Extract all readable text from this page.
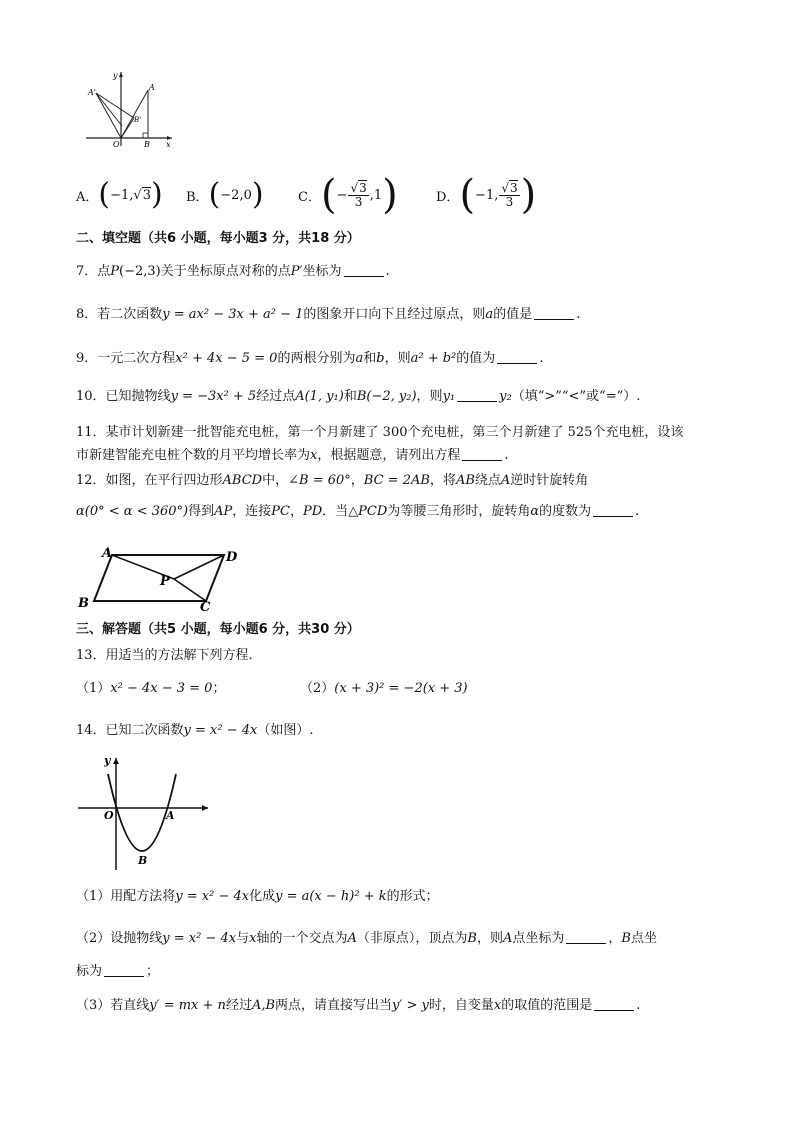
y
x
A'
A
B'
O	B
A． ( −1, √ 3 ) B． ( −2,0 )	C． ( − $\frac{√3}{3} ,1$ )	D． ( −1, $\frac{√3}{3}$ )
二、填空题（共6 小题，每小题3 分，共18 分）
7．点P(−2,3)关于坐标原点对称的点P′坐标为	.
8．若二次函数y = ax² − 3x + a² − 1的图象开口向下且经过原点，则a的值是	.
9．一元二次方程x² + 4x − 5 = 0的两根分别为a和b，则a² + b²的值为	.
10．已知抛物线y = −3x² + 5经过点A(1, y₁)和B(−2, y₂)，则y₁	y₂（填“>”“<”或“=”）.
11．某市计划新建一批智能充电桩，第一个月新建了 300个充电桩，第三个月新建了 525个充电桩，设该
市新建智能充电桩个数的月平均增长率为x，根据题意，请列出方程	.
12．如图，在平行四边形ABCD中，∠B = 60°，BC = 2AB，将AB绕点A逆时针旋转角
α(0° < α < 360°)得到AP，连接PC，PD．当△PCD为等腰三角形时，旋转角α的度数为	.
A	D
P
B	C
三、解答题（共5 小题，每小题6 分，共30 分）
13．用适当的方法解下列方程．
（1）x² − 4x − 3 = 0；	（2）(x + 3)² = −2(x + 3)
14．已知二次函数y = x² − 4x（如图）.
y
O	A
B
（1）用配方法将y = x² − 4x化成y = a(x − h)² + k的形式；
（2）设抛物线y = x² − 4x与x轴的一个交点为A（非原点），顶点为B，则A点坐标为	，B点坐
标为	；
（3）若直线y′ = mx + n经过A,B两点，请直接写出当y′ > y时，自变量x的取值的范围是	.
